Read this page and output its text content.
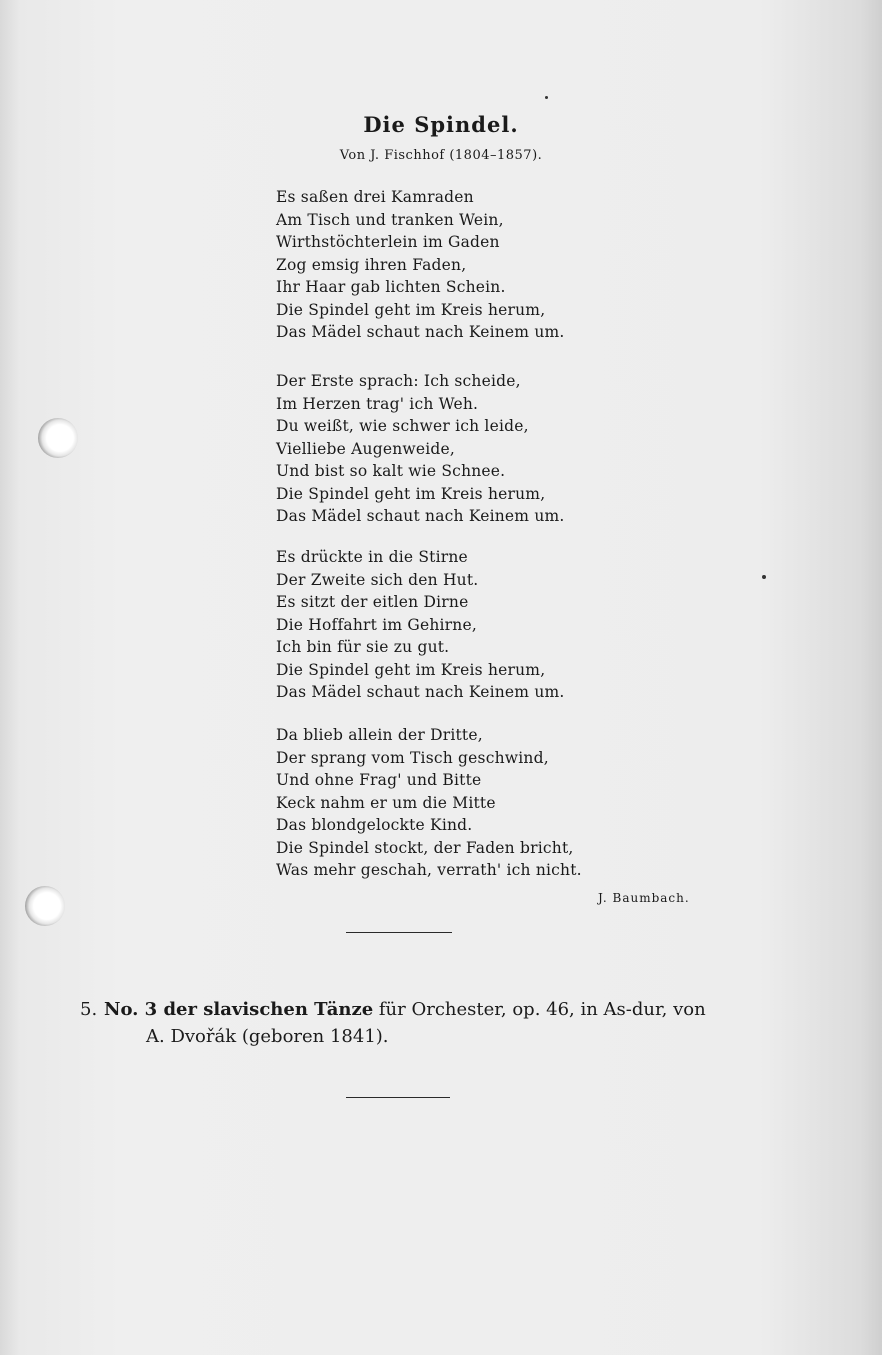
Die Spindel.
Von J. Fischhof (1804–1857).
Es saßen drei Kamraden
Am Tisch und tranken Wein,
Wirthstöchterlein im Gaden
Zog emsig ihren Faden,
Ihr Haar gab lichten Schein.
Die Spindel geht im Kreis herum,
Das Mädel schaut nach Keinem um.
Der Erste sprach: Ich scheide,
Im Herzen trag' ich Weh.
Du weißt, wie schwer ich leide,
Vielliebe Augenweide,
Und bist so kalt wie Schnee.
Die Spindel geht im Kreis herum,
Das Mädel schaut nach Keinem um.
Es drückte in die Stirne
Der Zweite sich den Hut.
Es sitzt der eitlen Dirne
Die Hoffahrt im Gehirne,
Ich bin für sie zu gut.
Die Spindel geht im Kreis herum,
Das Mädel schaut nach Keinem um.
Da blieb allein der Dritte,
Der sprang vom Tisch geschwind,
Und ohne Frag' und Bitte
Keck nahm er um die Mitte
Das blondgelockte Kind.
Die Spindel stockt, der Faden bricht,
Was mehr geschah, verrath' ich nicht.
J. Baumbach.
5. No. 3 der slavischen Tänze für Orchester, op. 46, in As-dur, von
A. Dvořák (geboren 1841).
